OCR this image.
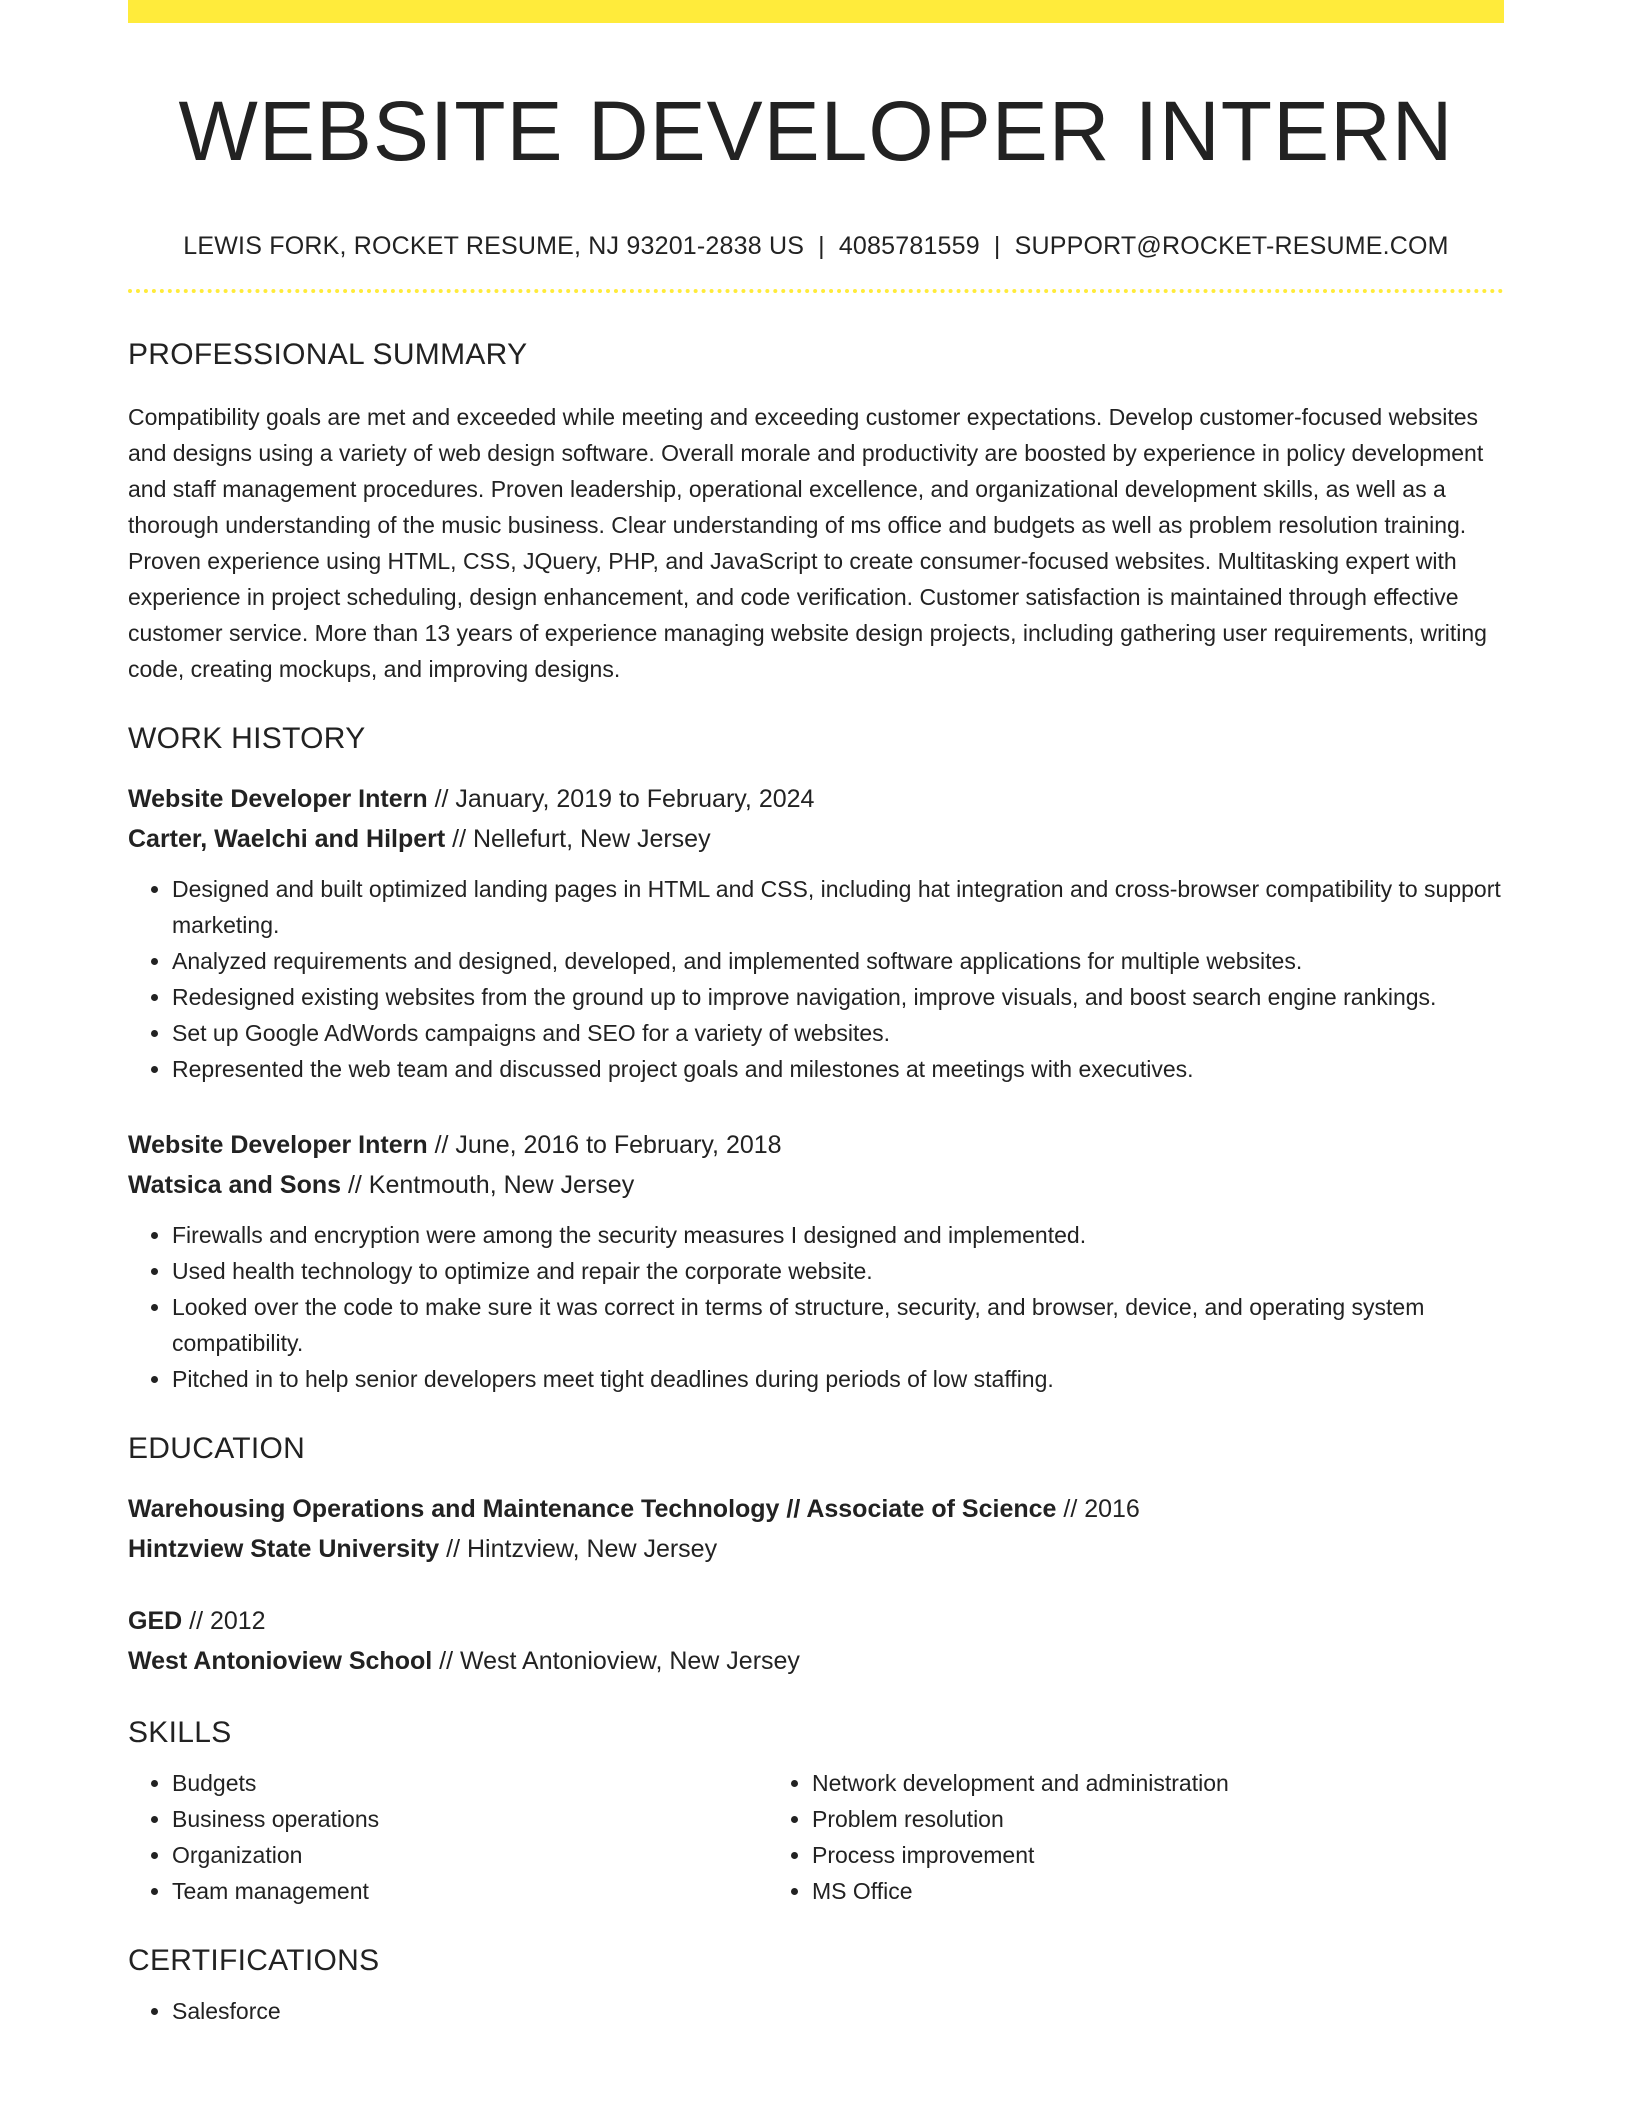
WEBSITE DEVELOPER INTERN
LEWIS FORK, ROCKET RESUME, NJ 93201-2838 US | 4085781559 | SUPPORT@ROCKET-RESUME.COM
PROFESSIONAL SUMMARY

Compatibility goals are met and exceeded while meeting and exceeding customer expectations. Develop customer-focused websites and designs using a variety of web design software. Overall morale and productivity are boosted by experience in policy development and staff management procedures. Proven leadership, operational excellence, and organizational development skills, as well as a thorough understanding of the music business. Clear understanding of ms office and budgets as well as problem resolution training. Proven experience using HTML, CSS, JQuery, PHP, and JavaScript to create consumer-focused websites. Multitasking expert with experience in project scheduling, design enhancement, and code verification. Customer satisfaction is maintained through effective customer service. More than 13 years of experience managing website design projects, including gathering user requirements, writing code, creating mockups, and improving designs.

WORK HISTORY
Website Developer Intern // January, 2019 to February, 2024
Carter, Waelchi and Hilpert // Nellefurt, New Jersey
• Designed and built optimized landing pages in HTML and CSS, including hat integration and cross-browser compatibility to support marketing.
• Analyzed requirements and designed, developed, and implemented software applications for multiple websites.
• Redesigned existing websites from the ground up to improve navigation, improve visuals, and boost search engine rankings.
• Set up Google AdWords campaigns and SEO for a variety of websites.
• Represented the web team and discussed project goals and milestones at meetings with executives.
Website Developer Intern // June, 2016 to February, 2018
Watsica and Sons // Kentmouth, New Jersey
• Firewalls and encryption were among the security measures I designed and implemented.
• Used health technology to optimize and repair the corporate website.
• Looked over the code to make sure it was correct in terms of structure, security, and browser, device, and operating system compatibility.
• Pitched in to help senior developers meet tight deadlines during periods of low staffing.
EDUCATION
Warehousing Operations and Maintenance Technology // Associate of Science // 2016
Hintzview State University // Hintzview, New Jersey
GED // 2012
West Antonioview School // West Antonioview, New Jersey
SKILLS
• Budgets
• Business operations
• Organization
• Team management
• Network development and administration
• Problem resolution
• Process improvement
• MS Office
CERTIFICATIONS
• Salesforce
